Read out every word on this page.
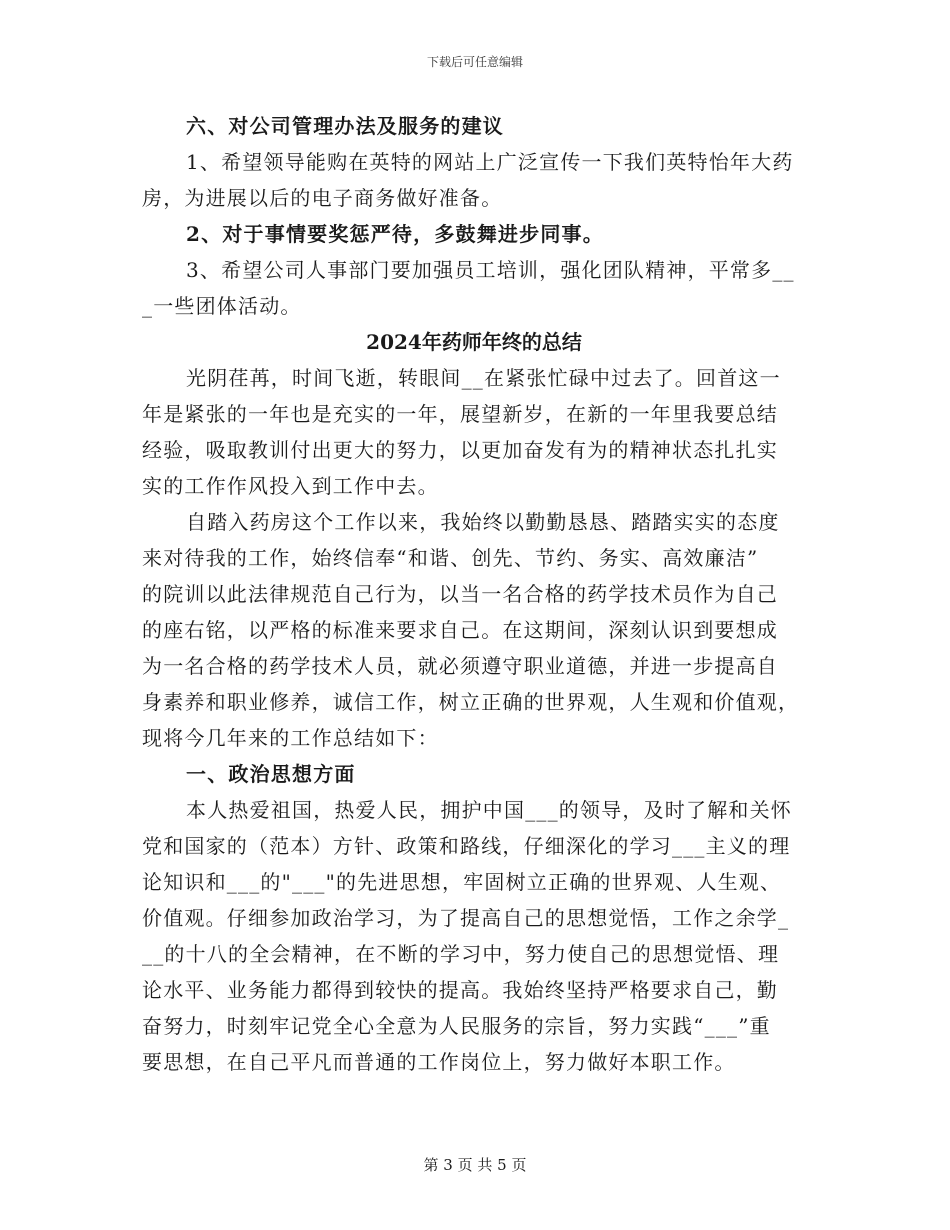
下载后可任意编辑
六、对公司管理办法及服务的建议
1、希望领导能购在英特的网站上广泛宣传一下我们英特怡年大药
房，为进展以后的电子商务做好准备。
2、对于事情要奖惩严待，多鼓舞进步同事。
3、希望公司人事部门要加强员工培训，强化团队精神，平常多__
_一些团体活动。
2024年药师年终的总结
光阴荏苒，时间飞逝，转眼间__在紧张忙碌中过去了。回首这一
年是紧张的一年也是充实的一年，展望新岁，在新的一年里我要总结
经验，吸取教训付出更大的努力，以更加奋发有为的精神状态扎扎实
实的工作作风投入到工作中去。
自踏入药房这个工作以来，我始终以勤勤恳恳、踏踏实实的态度
来对待我的工作，始终信奉“和谐、创先、节约、务实、高效廉洁”
的院训以此法律规范自己行为，以当一名合格的药学技术员作为自己
的座右铭，以严格的标准来要求自己。在这期间，深刻认识到要想成
为一名合格的药学技术人员，就必须遵守职业道德，并进一步提高自
身素养和职业修养，诚信工作，树立正确的世界观，人生观和价值观，
现将今几年来的工作总结如下：
一、政治思想方面
本人热爱祖国，热爱人民，拥护中国___的领导，及时了解和关怀
党和国家的（范本）方针、政策和路线，仔细深化的学习___主义的理
论知识和___的"___"的先进思想，牢固树立正确的世界观、人生观、
价值观。仔细参加政治学习，为了提高自己的思想觉悟，工作之余学_
__的十八的全会精神，在不断的学习中，努力使自己的思想觉悟、理
论水平、业务能力都得到较快的提高。我始终坚持严格要求自己，勤
奋努力，时刻牢记党全心全意为人民服务的宗旨，努力实践“___”重
要思想，在自己平凡而普通的工作岗位上，努力做好本职工作。
第 3 页 共 5 页
